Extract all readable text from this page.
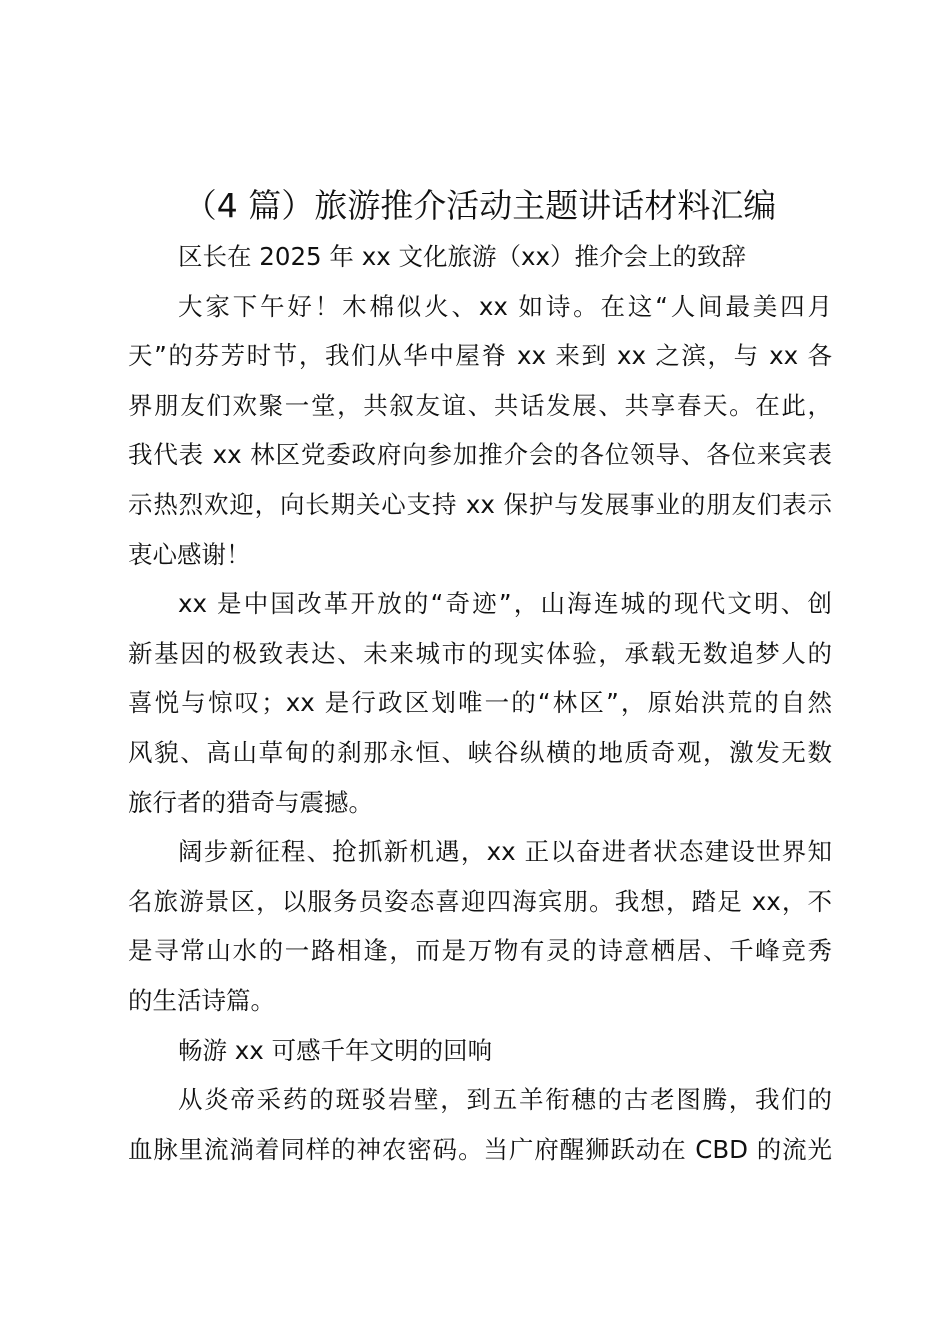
（4 篇）旅游推介活动主题讲话材料汇编
区长在 2025 年 xx 文化旅游（xx）推介会上的致辞

大家下午好！木棉似火、xx 如诗。在这“人间最美四月
天”的芬芳时节，我们从华中屋脊 xx 来到 xx 之滨，与 xx 各
界朋友们欢聚一堂，共叙友谊、共话发展、共享春天。在此，
我代表 xx 林区党委政府向参加推介会的各位领导、各位来宾表
示热烈欢迎，向长期关心支持 xx 保护与发展事业的朋友们表示
衷心感谢！

xx 是中国改革开放的“奇迹”，山海连城的现代文明、创
新基因的极致表达、未来城市的现实体验，承载无数追梦人的
喜悦与惊叹；xx 是行政区划唯一的“林区”，原始洪荒的自然
风貌、高山草甸的刹那永恒、峡谷纵横的地质奇观，激发无数
旅行者的猎奇与震撼。

阔步新征程、抢抓新机遇，xx 正以奋进者状态建设世界知
名旅游景区，以服务员姿态喜迎四海宾朋。我想，踏足 xx，不
是寻常山水的一路相逢，而是万物有灵的诗意栖居、千峰竞秀
的生活诗篇。

畅游 xx 可感千年文明的回响

从炎帝采药的斑驳岩壁，到五羊衔穗的古老图腾，我们的
血脉里流淌着同样的神农密码。当广府醒狮跃动在 CBD 的流光
